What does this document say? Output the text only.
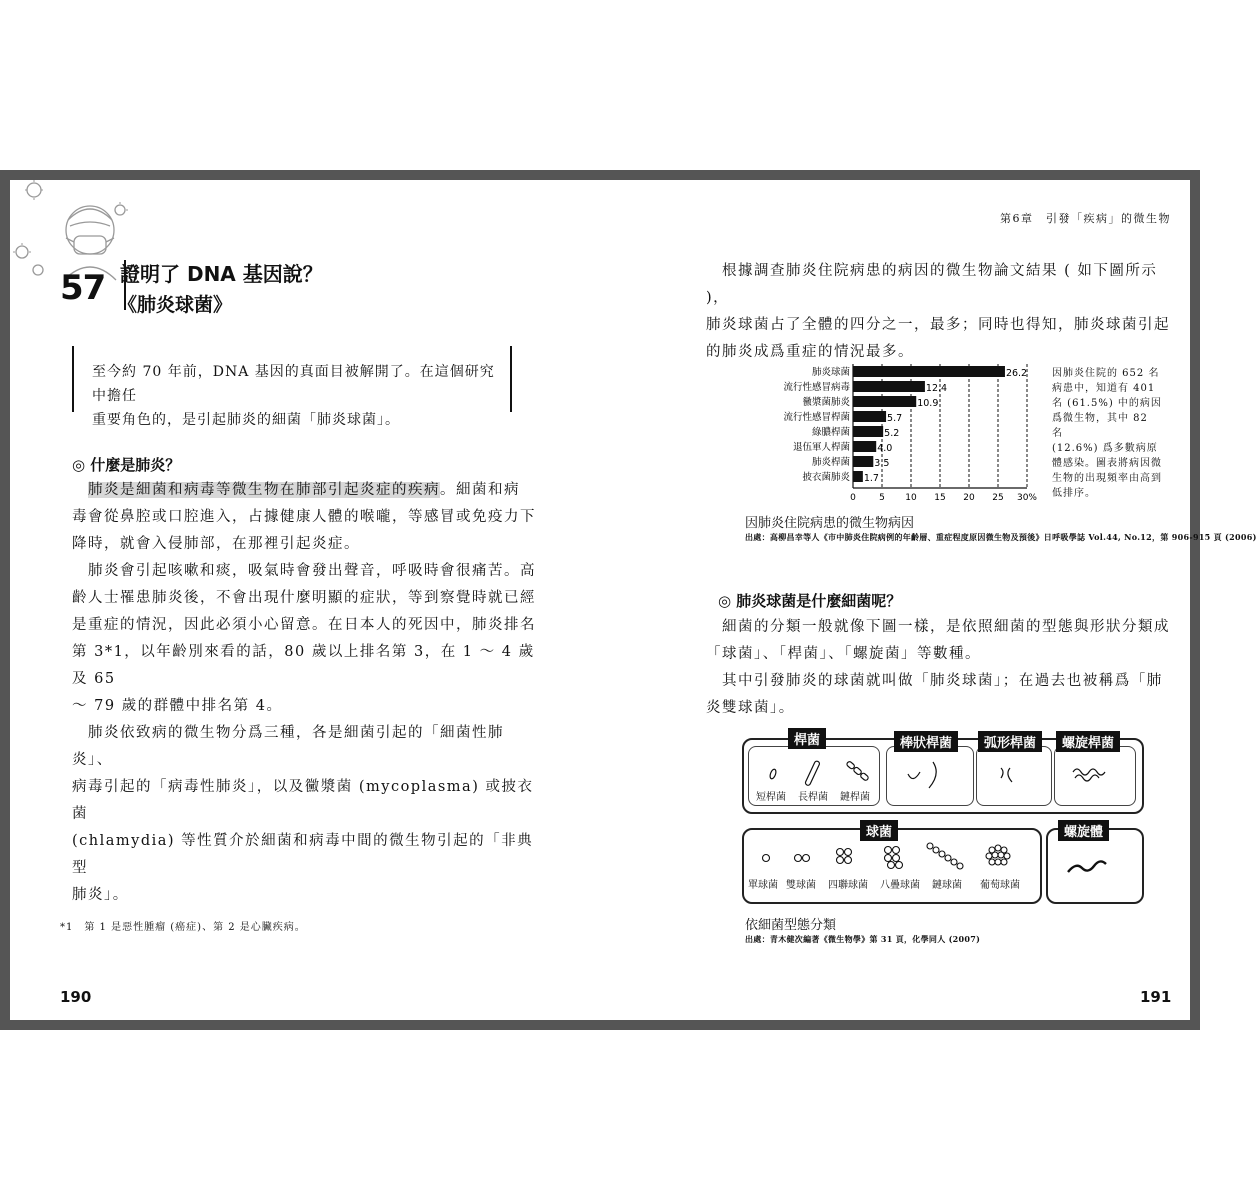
57 證明了 DNA 基因說？
《肺炎球菌》
至今約 70 年前，DNA 基因的真面目被解開了。在這個研究中擔任
重要角色的，是引起肺炎的細菌「肺炎球菌」。
◎ 什麼是肺炎？
肺炎是細菌和病毒等微生物在肺部引起炎症的疾病。細菌和病
毒會從鼻腔或口腔進入，占據健康人體的喉嚨，等感冒或免疫力下
降時，就會入侵肺部，在那裡引起炎症。
肺炎會引起咳嗽和痰，吸氣時會發出聲音，呼吸時會很痛苦。高
齡人士罹患肺炎後，不會出現什麼明顯的症狀，等到察覺時就已經
是重症的情況，因此必須小心留意。在日本人的死因中，肺炎排名
第 3*1，以年齡別來看的話，80 歲以上排名第 3，在 1 ～ 4 歲及 65
～ 79 歲的群體中排名第 4。
肺炎依致病的微生物分爲三種，各是細菌引起的「細菌性肺炎」、
病毒引起的「病毒性肺炎」，以及黴漿菌 (mycoplasma) 或披衣菌
(chlamydia) 等性質介於細菌和病毒中間的微生物引起的「非典型
肺炎」。
*1　第 1 是惡性腫瘤 (癌症)、第 2 是心臟疾病。
190
第6章　引發「疾病」的微生物
根據調查肺炎住院病患的病因的微生物論文結果 ( 如下圖所示 )，
肺炎球菌占了全體的四分之一，最多；同時也得知，肺炎球菌引起
的肺炎成爲重症的情況最多。
肺炎球菌
流行性感冒病毒
黴漿菌肺炎
流行性感冒桿菌
綠膿桿菌
退伍軍人桿菌
肺炎桿菌
披衣菌肺炎
26.2
12.4
10.9
5.7
5.2
4.0
3.5
1.7
0	5 10 15 20 25 30%
因肺炎住院的 652 名
病患中，知道有 401
名 (61.5%) 中的病因
爲微生物，其中 82 名
(12.6%) 爲多數病原
體感染。圖表將病因微
生物的出現頻率由高到
低排序。
因肺炎住院病患的微生物病因
出處：高柳昌幸等人《市中肺炎住院病例的年齡層、重症程度原因微生物及預後》日呼吸學誌 Vol.44, No.12，第 906-915 頁 (2006)
◎ 肺炎球菌是什麼細菌呢？
細菌的分類一般就像下圖一樣，是依照細菌的型態與形狀分類成
「球菌」、「桿菌」、「螺旋菌」等數種。
其中引發肺炎的球菌就叫做「肺炎球菌」；在過去也被稱爲「肺
炎雙球菌」。
桿菌	棒狀桿菌	弧形桿菌	螺旋桿菌
短桿菌 長桿菌 鏈桿菌
球菌
單球菌 雙球菌 四聯球菌 八疊球菌 鏈球菌 葡萄球菌
螺旋體
依細菌型態分類
出處：青木健次編著《微生物學》第 31 頁，化學同人 (2007)
191
